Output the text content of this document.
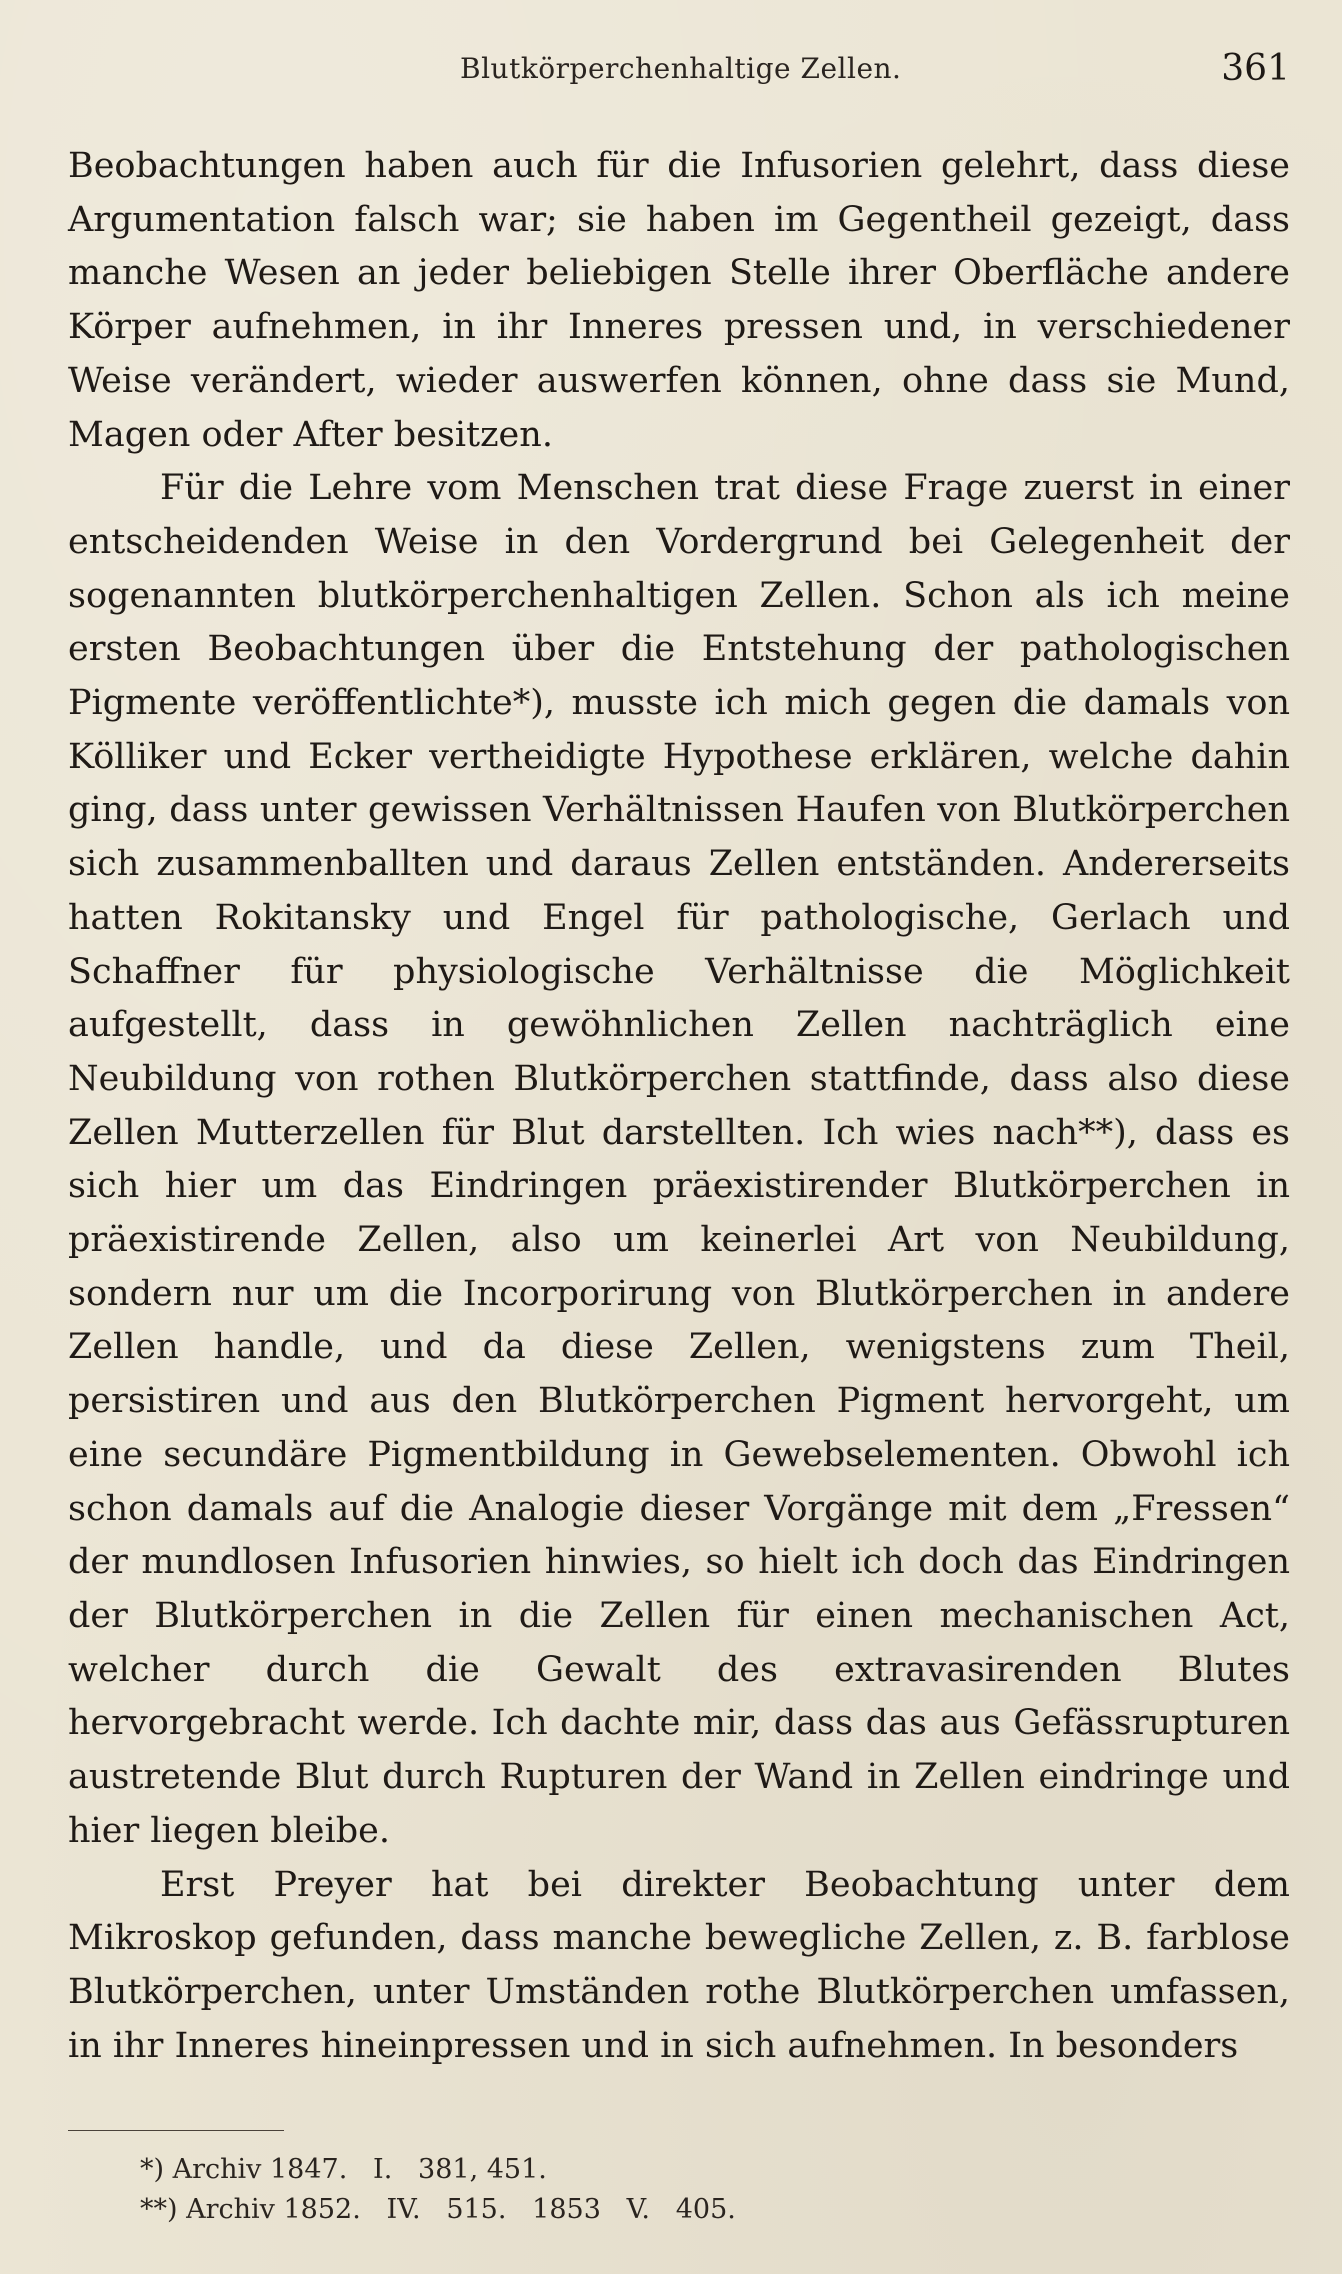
Blutkörperchenhaltige Zellen.	361

Beobachtungen haben auch für die Infusorien gelehrt, dass diese Argumentation falsch war; sie haben im Gegentheil gezeigt, dass manche Wesen an jeder beliebigen Stelle ihrer Oberfläche andere Körper aufnehmen, in ihr Inneres pressen und, in verschiedener Weise verändert, wieder auswerfen können, ohne dass sie Mund, Magen oder After besitzen.

Für die Lehre vom Menschen trat diese Frage zuerst in einer entscheidenden Weise in den Vordergrund bei Gelegenheit der sogenannten blutkörperchenhaltigen Zellen. Schon als ich meine ersten Beobachtungen über die Entstehung der pathologischen Pigmente veröffentlichte*), musste ich mich gegen die damals von Kölliker und Ecker vertheidigte Hypothese erklären, welche dahin ging, dass unter gewissen Verhältnissen Haufen von Blutkörperchen sich zusammenballten und daraus Zellen entständen. Andererseits hatten Rokitansky und Engel für pathologische, Gerlach und Schaffner für physiologische Verhältnisse die Möglichkeit aufgestellt, dass in gewöhnlichen Zellen nachträglich eine Neubildung von rothen Blutkörperchen stattfinde, dass also diese Zellen Mutterzellen für Blut darstellten. Ich wies nach**), dass es sich hier um das Eindringen präexistirender Blutkörperchen in präexistirende Zellen, also um keinerlei Art von Neubildung, sondern nur um die Incorporirung von Blutkörperchen in andere Zellen handle, und da diese Zellen, wenigstens zum Theil, persistiren und aus den Blutkörperchen Pigment hervorgeht, um eine secundäre Pigmentbildung in Gewebselementen. Obwohl ich schon damals auf die Analogie dieser Vorgänge mit dem „Fressen“ der mundlosen Infusorien hinwies, so hielt ich doch das Eindringen der Blutkörperchen in die Zellen für einen mechanischen Act, welcher durch die Gewalt des extravasirenden Blutes hervorgebracht werde. Ich dachte mir, dass das aus Gefässrupturen austretende Blut durch Rupturen der Wand in Zellen eindringe und hier liegen bleibe.

Erst Preyer hat bei direkter Beobachtung unter dem Mikroskop gefunden, dass manche bewegliche Zellen, z. B. farblose Blutkörperchen, unter Umständen rothe Blutkörperchen umfassen, in ihr Inneres hineinpressen und in sich aufnehmen. In besonders

*) Archiv 1847.   I.   381, 451.
**) Archiv 1852.   IV.   515.   1853   V.   405.
